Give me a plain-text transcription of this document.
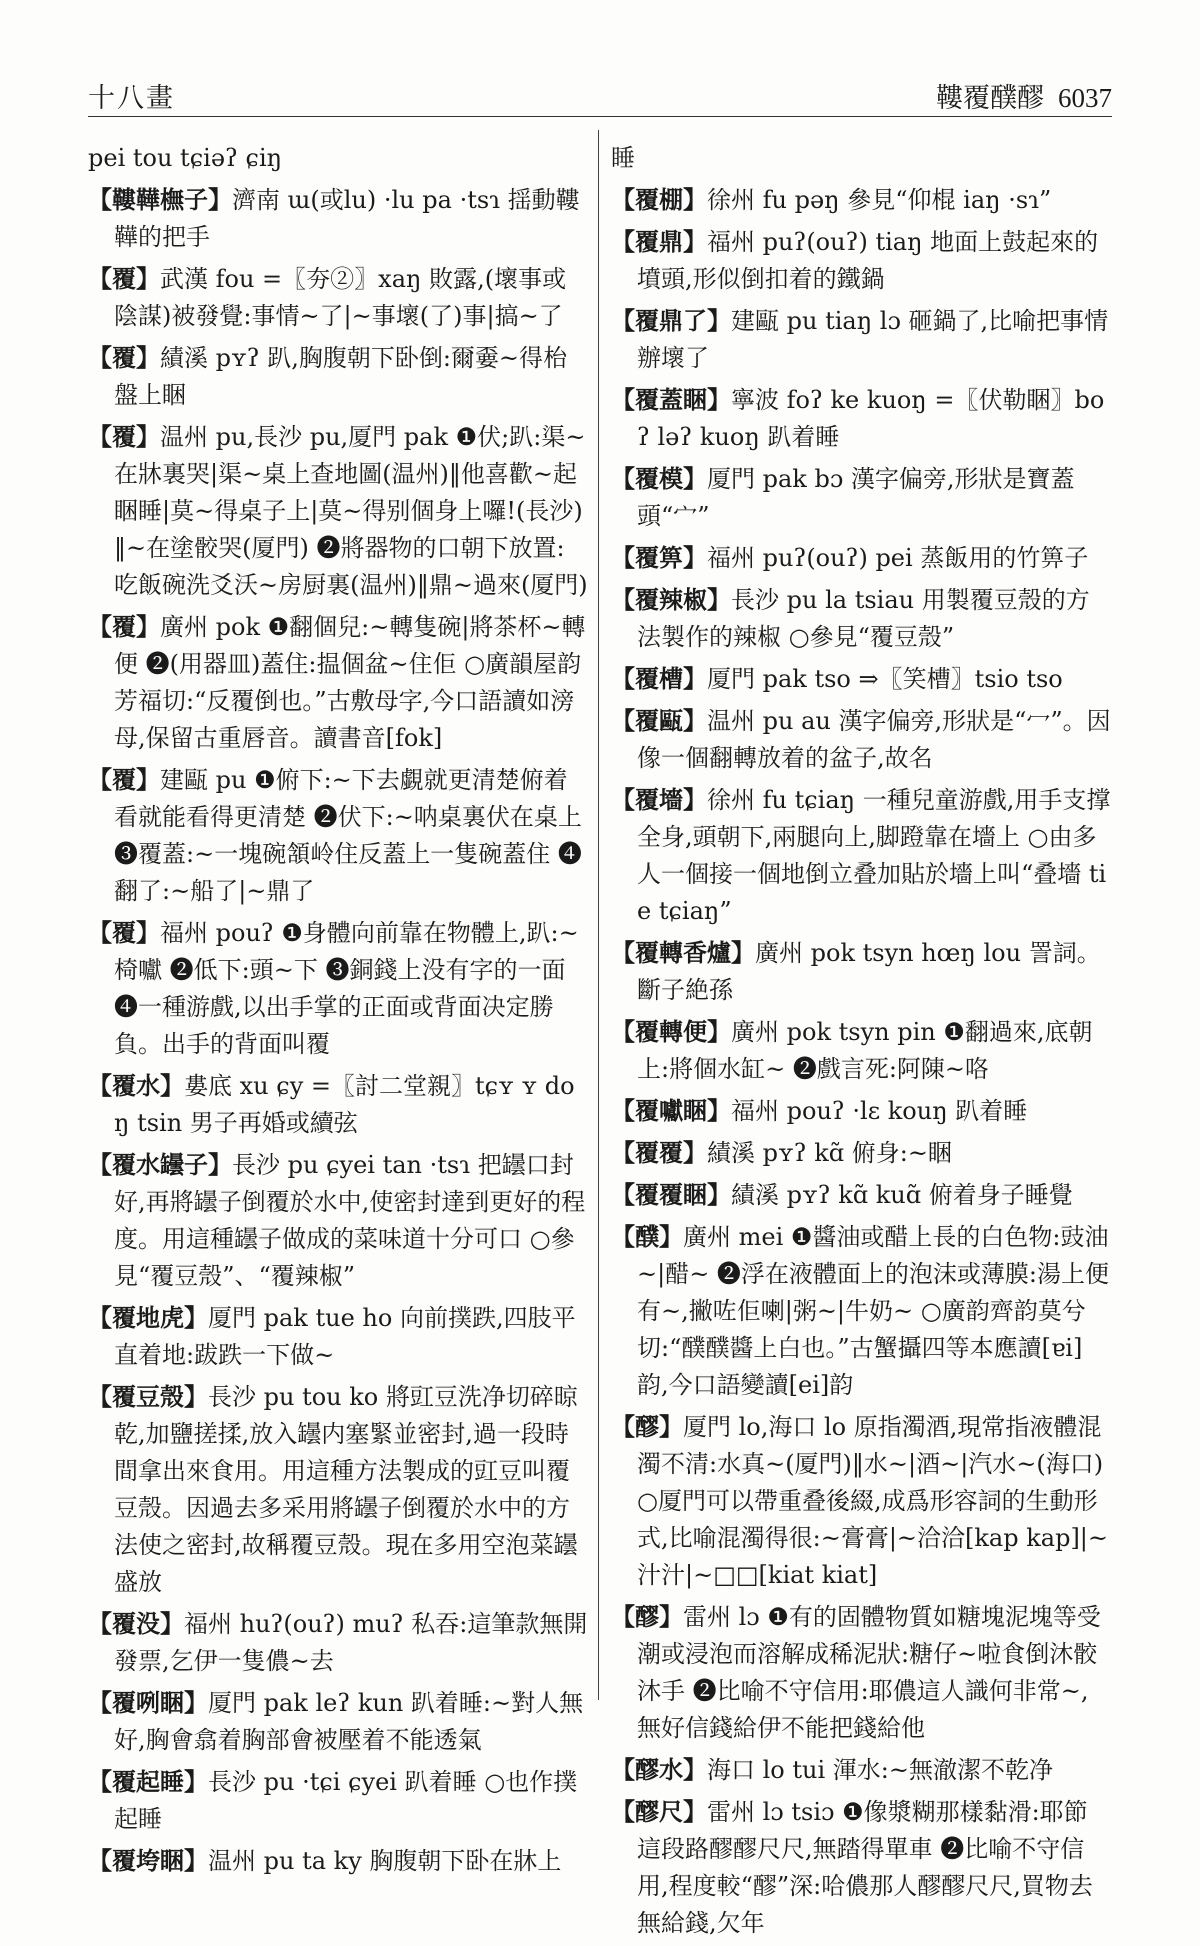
十八畫	鞻覆醭醪 6037

pei tou tɕiəʔ ɕiŋ

【鞻鞾橅子】濟南 ɯ(或lu) ·lu pa ·tsɿ 揺動鞻鞾的把手

【覆】武漢 fou =〖夯②〗xaŋ 敗露,(壞事或陰謀)被發覺:事情~了|~事壞(了)事|搞~了

【覆】績溪 pʏʔ 趴,胸腹朝下卧倒:爾嫑~得枱盤上睏

【覆】温州 pu,長沙 pu,厦門 pak ❶伏;趴:渠~在牀裏哭|渠~桌上查地圖(温州)‖他喜歡~起睏睡|莫~得桌子上|莫~得别個身上囉!(長沙)‖~在塗骹哭(厦門) ❷將器物的口朝下放置:吃飯碗洗爻沃~房厨裏(温州)‖鼎~過來(厦門)

【覆】廣州 pok ❶翻個兒:~轉隻碗|將茶杯~轉便 ❷(用器皿)蓋住:揾個盆~住佢 ○廣韻屋韵芳福切:“反覆倒也。”古敷母字,今口語讀如滂母,保留古重唇音。讀書音[fok]

【覆】建甌 pu ❶俯下:~下去覷就更清楚俯着看就能看得更清楚 ❷伏下:~呐桌裏伏在桌上 ❸覆蓋:~一塊碗頷岭住反蓋上一隻碗蓋住 ❹翻了:~船了|~鼎了

【覆】福州 pouʔ ❶身體向前靠在物體上,趴:~椅囐 ❷低下:頭~下 ❸銅錢上没有字的一面 ❹一種游戲,以出手掌的正面或背面决定勝負。出手的背面叫覆

【覆水】婁底 xu ɕy =〖討二堂親〗tɕʏ ʏ doŋ tsin 男子再婚或續弦

【覆水罎子】長沙 pu ɕyei tan ·tsɿ 把罎口封好,再將罎子倒覆於水中,使密封達到更好的程度。用這種罎子做成的菜味道十分可口 ○參見“覆豆殼”、“覆辣椒”

【覆地虎】厦門 pak tue ho 向前撲跌,四肢平直着地:跋跌一下做~

【覆豆殼】長沙 pu tou ko 將豇豆洗净切碎晾乾,加鹽搓揉,放入罎内塞緊並密封,過一段時間拿出來食用。用這種方法製成的豇豆叫覆豆殼。因過去多采用將罎子倒覆於水中的方法使之密封,故稱覆豆殼。現在多用空泡菜罎盛放

【覆没】福州 huʔ(ouʔ) muʔ 私吞:這筆款無開發票,乞伊一隻儂~去

【覆咧睏】厦門 pak leʔ kun 趴着睡:~對人無好,胸會翕着胸部會被壓着不能透氣

【覆起睡】長沙 pu ·tɕi ɕyei 趴着睡 ○也作撲起睡

【覆垮睏】温州 pu ta ky 胸腹朝下卧在牀上

睡

【覆棚】徐州 fu pəŋ 參見“仰棍 iaŋ ·sɿ”

【覆鼎】福州 puʔ(ouʔ) tiaŋ 地面上鼓起來的墳頭,形似倒扣着的鐵鍋

【覆鼎了】建甌 pu tiaŋ lɔ 砸鍋了,比喻把事情辦壞了

【覆蓋睏】寧波 foʔ ke kuoŋ =〖伏勒睏〗boʔ ləʔ kuoŋ 趴着睡

【覆模】厦門 pak bɔ 漢字偏旁,形狀是寶蓋頭“宀”

【覆箅】福州 puʔ(ouʔ) pei 蒸飯用的竹箅子

【覆辣椒】長沙 pu la tsiau 用製覆豆殼的方法製作的辣椒 ○參見“覆豆殼”

【覆槽】厦門 pak tso ⇒〖笑槽〗tsio tso

【覆甌】温州 pu au 漢字偏旁,形狀是“冖”。因像一個翻轉放着的盆子,故名

【覆墻】徐州 fu tɕiaŋ 一種兒童游戲,用手支撑全身,頭朝下,兩腿向上,脚蹬靠在墻上 ○由多人一個接一個地倒立叠加貼於墻上叫“叠墻 tie tɕiaŋ”

【覆轉香爐】廣州 pok tsyn hœŋ lou 詈詞。斷子絶孫

【覆轉便】廣州 pok tsyn pin ❶翻過來,底朝上:將個水缸~ ❷戲言死:阿陳~咯

【覆囐睏】福州 pouʔ ·lɛ kouŋ 趴着睡

【覆覆】績溪 pʏʔ kɑ̃ 俯身:~睏

【覆覆睏】績溪 pʏʔ kɑ̃ kuɑ̃ 俯着身子睡覺

【醭】廣州 mei ❶醬油或醋上長的白色物:豉油~|醋~ ❷浮在液體面上的泡沫或薄膜:湯上便有~,撇咗佢喇|粥~|牛奶~ ○廣韵齊韵莫兮切:“醭醭醬上白也。”古蟹攝四等本應讀[ɐi]韵,今口語變讀[ei]韵

【醪】厦門 lo,海口 lo 原指濁酒,現常指液體混濁不清:水真~(厦門)‖水~|酒~|汽水~(海口) ○厦門可以帶重叠後綴,成爲形容詞的生動形式,比喻混濁得很:~膏膏|~洽洽[kap kap]|~汁汁|~□□[kiat kiat]

【醪】雷州 lɔ ❶有的固體物質如糖塊泥塊等受潮或浸泡而溶解成稀泥狀:糖仔~啦食倒沐骹沐手 ❷比喻不守信用:耶儂這人識何非常~,無好信錢給伊不能把錢給他

【醪水】海口 lo tui 渾水:~無澈潔不乾净

【醪尺】雷州 lɔ tsiɔ ❶像漿糊那樣黏滑:耶節這段路醪醪尺尺,無踏得單車 ❷比喻不守信用,程度較“醪”深:哈儂那人醪醪尺尺,買物去無給錢,欠年
